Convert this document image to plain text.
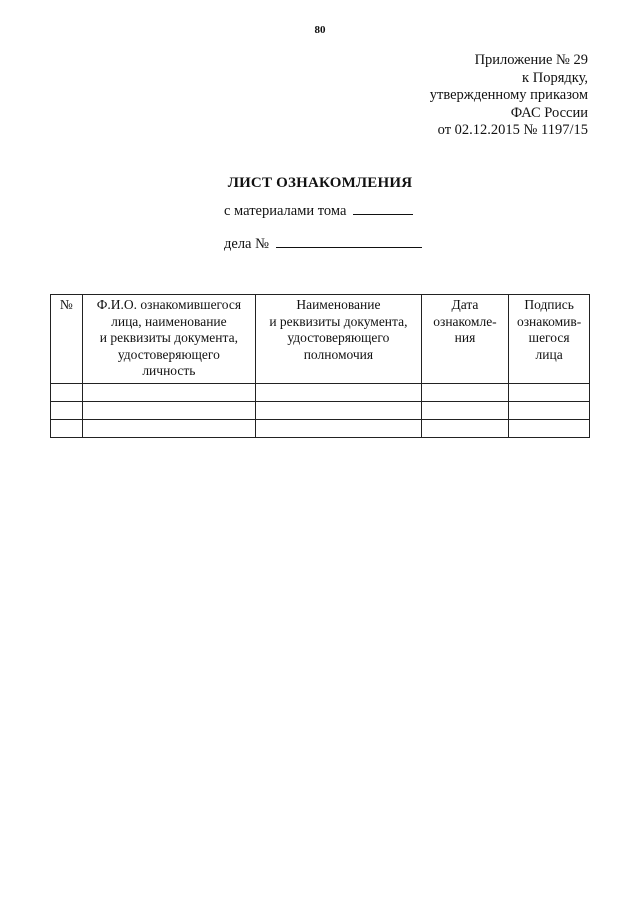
80
Приложение № 29
к Порядку,
утвержденному приказом
ФАС России
от 02.12.2015 № 1197/15
ЛИСТ ОЗНАКОМЛЕНИЯ
с материалами тома
дела №
№	Ф.И.О. ознакомившегося
лица, наименование
и реквизиты документа,
удостоверяющего
личность	Наименование
и реквизиты документа,
удостоверяющего
полномочия	Дата
ознакомле-
ния	Подпись
ознакомив-
шегося
лица
